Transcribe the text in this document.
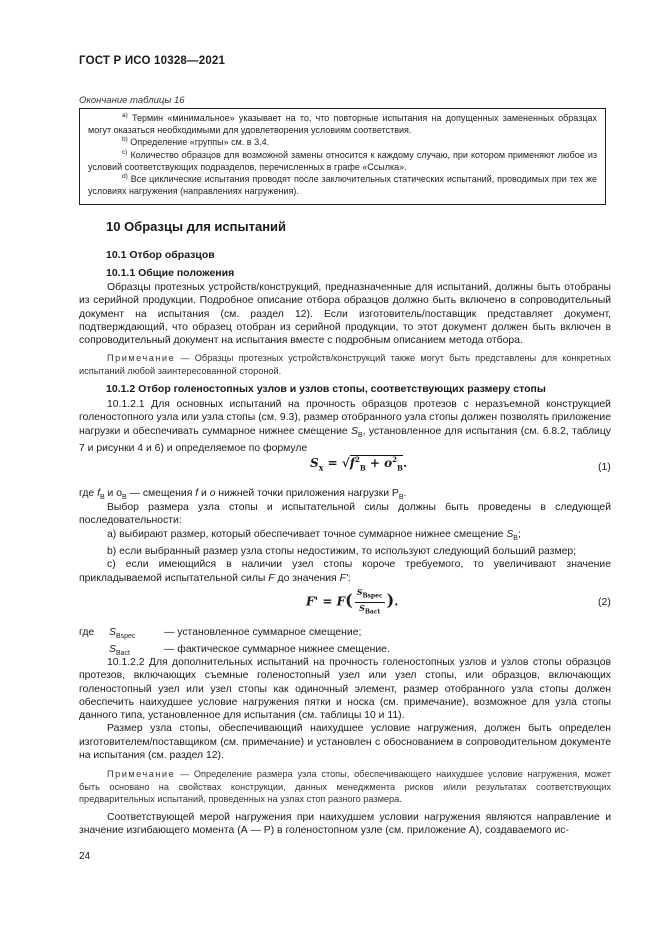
ГОСТ Р ИСО 10328—2021
Окончание таблицы 16

$^{a)}$ Термин «минимальное» указывает на то, что повторные испытания на допущенных замененных образцах могут оказаться необходимыми для удовлетворения условиям соответствия.

$^{b)}$ Определение «группы» см. в 3.4.

$^{c)}$ Количество образцов для возможной замены относится к каждому случаю, при котором применяют любое из условий соответствующих подразделов, перечисленных в графе «Ссылка».

$^{d)}$ Все циклические испытания проводят после заключительных статических испытаний, проводимых при тех же условиях нагружения (направлениях нагружения).

10 Образцы для испытаний
10.1 Отбор образцов
10.1.1 Общие положения

Образцы протезных устройств/конструкций, предназначенные для испытаний, должны быть отобраны из серийной продукции. Подробное описание отбора образцов должно быть включено в сопроводительный документ на испытания (см. раздел 12). Если изготовитель/поставщик представляет документ, подтверждающий, что образец отобран из серийной продукции, то этот документ должен быть включен в сопроводительный документ на испытания вместе с подробным описанием метода отбора.

Примечание — Образцы протезных устройств/конструкций также могут быть представлены для конкретных испытаний любой заинтересованной стороной.

10.1.2 Отбор голеностопных узлов и узлов стопы, соответствующих размеру стопы

10.1.2.1 Для основных испытаний на прочность образцов протезов с неразъемной конструкцией голеностопного узла или узла стопы (см. 9.3), размер отобранного узла стопы должен позволять приложение нагрузки и обеспечивать суммарное нижнее смещение $S_B$, установленное для испытания (см. 6.8.2, таблицу 7 и рисунки 4 и 6) и определяемое по формуле

$S_x = √f^2_B + o^2_B$.	(1)

где $f_B$ и $o_B$ — смещения f и o нижней точки приложения нагрузки $P_B$.

Выбор размера узла стопы и испытательной силы должны быть проведены в следующей последовательности:

а) выбирают размер, который обеспечивает точное суммарное нижнее смещение $S_B$;

b) если выбранный размер узла стопы недостижим, то используют следующий больший размер;

с) если имеющийся в наличии узел стопы короче требуемого, то увеличивают значение прикладываемой испытательной силы F до значения F':

$F' = F( \frac{S_{Bspec}}{S_{Bact}}$ ).	(2)
где	$S_{Bspec}$	— установленное суммарное смещение;
$S_{Bact}$	— фактическое суммарное нижнее смещение.

10.1.2.2 Для дополнительных испытаний на прочность голеностопных узлов и узлов стопы образцов протезов, включающих съемные голеностопный узел или узел стопы, или образцов, включающих голеностопный узел или узел стопы как одиночный элемент, размер отобранного узла стопы должен обеспечить наихудшее условие нагружения пятки и носка (см. примечание), возможное для узла стопы данного типа, установленное для испытания (см. таблицы 10 и 11).

Размер узла стопы, обеспечивающий наихудшее условие нагружения, должен быть определен изготовителем/поставщиком (см. примечание) и установлен с обоснованием в сопроводительном документе на испытания (см. раздел 12).

Примечание — Определение размера узла стопы, обеспечивающего наихудшее условие нагружения, может быть основано на свойствах конструкции, данных менеджмента рисков и/или результатах соответствующих предварительных испытаний, проведенных на узлах стоп разного размера.

Соответствующей мерой нагружения при наихудшем условии нагружения являются направление и значение изгибающего момента (А — Р) в голеностопном узле (см. приложение А), создаваемого ис-

24
